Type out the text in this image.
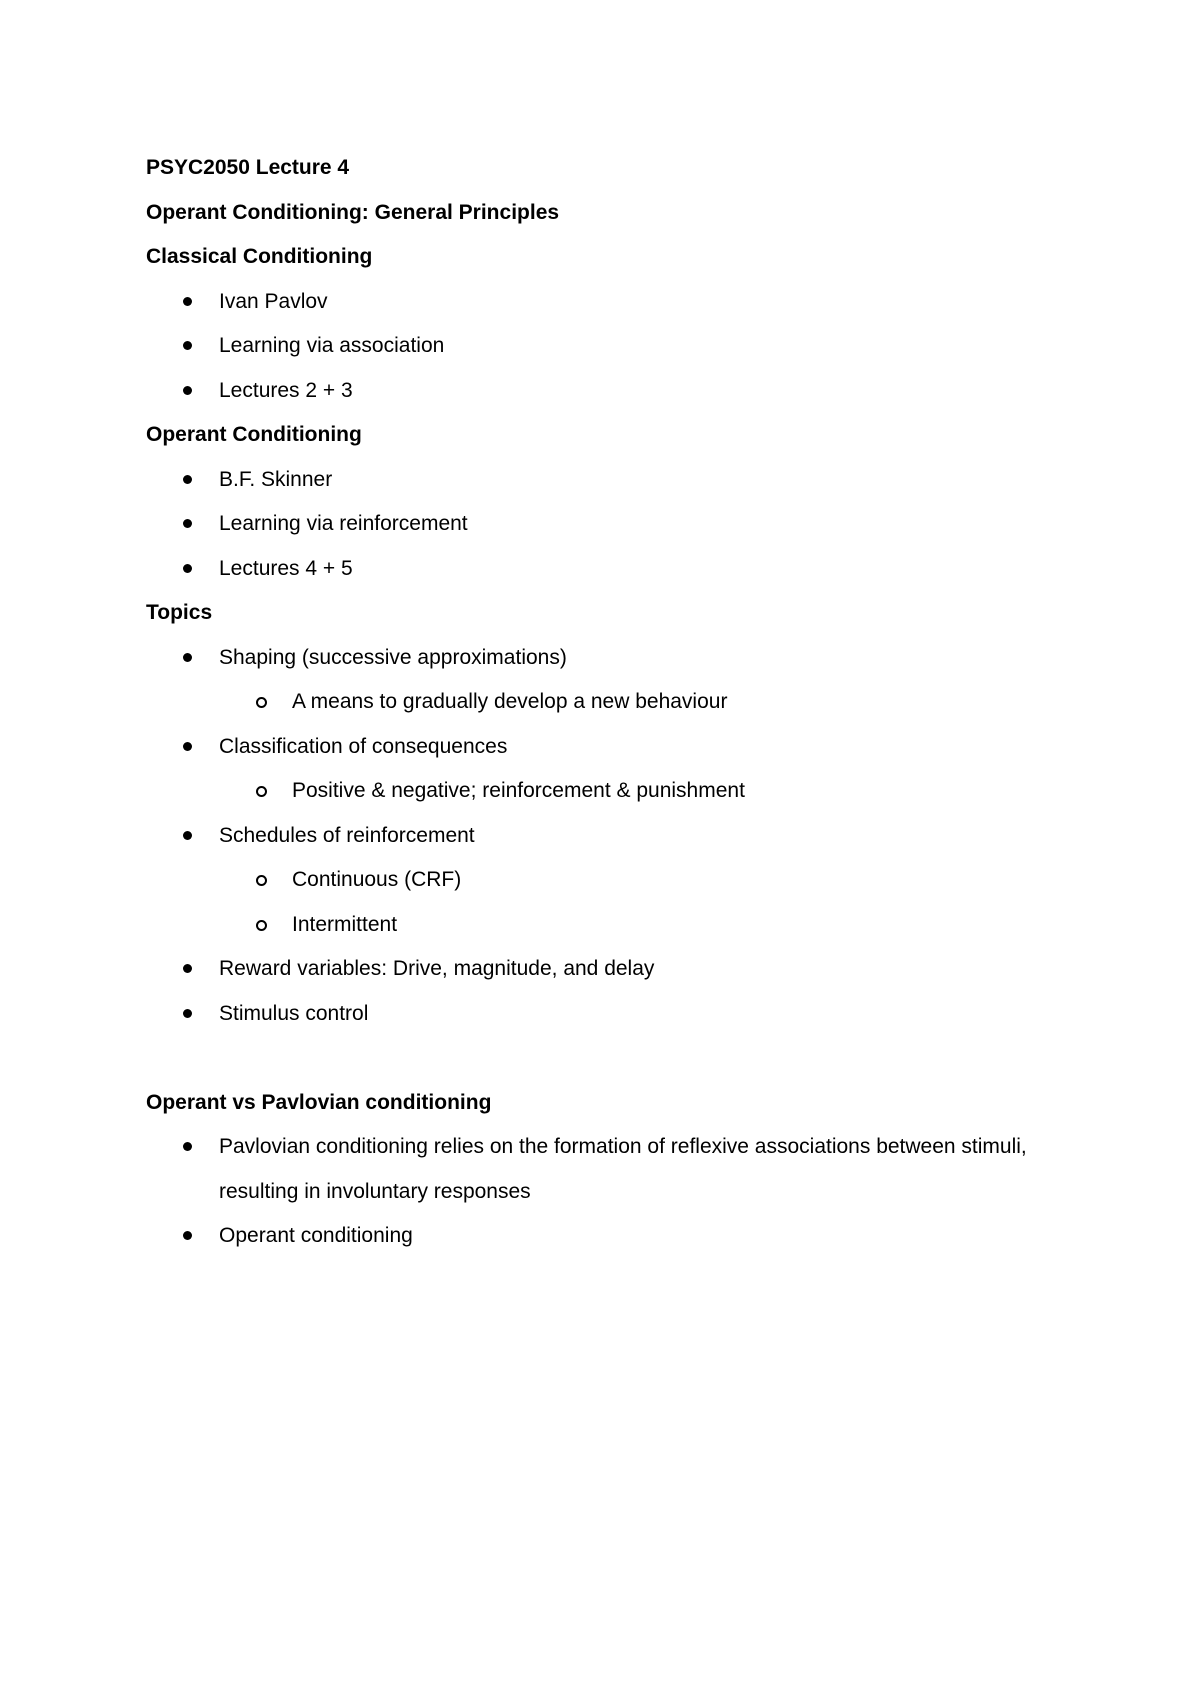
PSYC2050 Lecture 4
Operant Conditioning: General Principles
Classical Conditioning
Ivan Pavlov
Learning via association
Lectures 2 + 3
Operant Conditioning
B.F. Skinner
Learning via reinforcement
Lectures 4 + 5
Topics
Shaping (successive approximations)
A means to gradually develop a new behaviour
Classification of consequences
Positive & negative; reinforcement & punishment
Schedules of reinforcement
Continuous (CRF)
Intermittent
Reward variables: Drive, magnitude, and delay
Stimulus control
Operant vs Pavlovian conditioning
Pavlovian conditioning relies on the formation of reflexive associations between stimuli, resulting in involuntary responses
Operant conditioning
